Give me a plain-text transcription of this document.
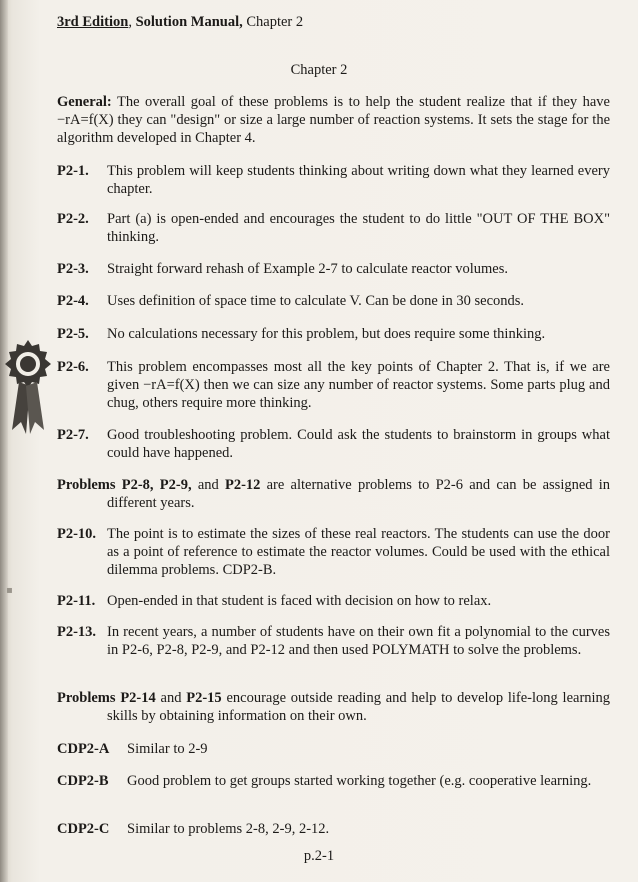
3rd Edition, Solution Manual, Chapter 2
Chapter 2
General: The overall goal of these problems is to help the student realize that if they have −rA=f(X) they can "design" or size a large number of reaction systems. It sets the stage for the algorithm developed in Chapter 4.
▪
P2-1. This problem will keep students thinking about writing down what they learned every chapter.
P2-2. Part (a) is open-ended and encourages the student to do little "OUT OF THE BOX" thinking.
P2-3. Straight forward rehash of Example 2-7 to calculate reactor volumes.
P2-4. Uses definition of space time to calculate V. Can be done in 30 seconds.
P2-5. No calculations necessary for this problem, but does require some thinking.
P2-6. This problem encompasses most all the key points of Chapter 2. That is, if we are given −rA=f(X) then we can size any number of reactor systems. Some parts plug and chug, others require more thinking.
P2-7. Good troubleshooting problem. Could ask the students to brainstorm in groups what could have happened.
Problems P2-8, P2-9, and P2-12 are alternative problems to P2-6 and can be assigned in different years.
P2-10. The point is to estimate the sizes of these real reactors. The students can use the door as a point of reference to estimate the reactor volumes. Could be used with the ethical dilemma problems. CDP2-B.
P2-11. Open-ended in that student is faced with decision on how to relax.
P2-13. In recent years, a number of students have on their own fit a polynomial to the curves in P2-6, P2-8, P2-9, and P2-12 and then used POLYMATH to solve the problems.
Problems P2-14 and P2-15 encourage outside reading and help to develop life-long learning skills by obtaining information on their own.
CDP2-A Similar to 2-9
CDP2-B Good problem to get groups started working together (e.g. cooperative learning.
CDP2-C Similar to problems 2-8, 2-9, 2-12.
p.2-1
